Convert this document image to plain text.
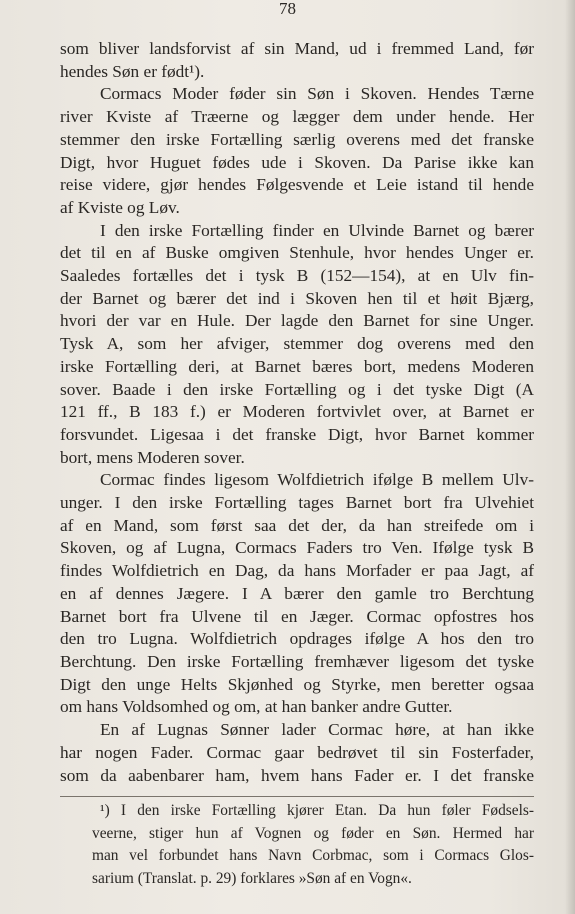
78
som bliver landsforvist af sin Mand, ud i fremmed Land, før
hendes Søn er født¹).
Cormacs Moder føder sin Søn i Skoven. Hendes Tærne
river Kviste af Træerne og lægger dem under hende. Her
stemmer den irske Fortælling særlig overens med det franske
Digt, hvor Huguet fødes ude i Skoven. Da Parise ikke kan
reise videre, gjør hendes Følgesvende et Leie istand til hende
af Kviste og Løv.
I den irske Fortælling finder en Ulvinde Barnet og bærer
det til en af Buske omgiven Stenhule, hvor hendes Unger er.
Saaledes fortælles det i tysk B (152—154), at en Ulv fin-
der Barnet og bærer det ind i Skoven hen til et høit Bjærg,
hvori der var en Hule. Der lagde den Barnet for sine Unger.
Tysk A, som her afviger, stemmer dog overens med den
irske Fortælling deri, at Barnet bæres bort, medens Moderen
sover. Baade i den irske Fortælling og i det tyske Digt (A
121 ff., B 183 f.) er Moderen fortvivlet over, at Barnet er
forsvundet. Ligesaa i det franske Digt, hvor Barnet kommer
bort, mens Moderen sover.
Cormac findes ligesom Wolfdietrich ifølge B mellem Ulv-
unger. I den irske Fortælling tages Barnet bort fra Ulvehiet
af en Mand, som først saa det der, da han streifede om i
Skoven, og af Lugna, Cormacs Faders tro Ven. Ifølge tysk B
findes Wolfdietrich en Dag, da hans Morfader er paa Jagt, af
en af dennes Jægere. I A bærer den gamle tro Berchtung
Barnet bort fra Ulvene til en Jæger. Cormac opfostres hos
den tro Lugna. Wolfdietrich opdrages ifølge A hos den tro
Berchtung. Den irske Fortælling fremhæver ligesom det tyske
Digt den unge Helts Skjønhed og Styrke, men beretter ogsaa
om hans Voldsomhed og om, at han banker andre Gutter.
En af Lugnas Sønner lader Cormac høre, at han ikke
har nogen Fader. Cormac gaar bedrøvet til sin Fosterfader,
som da aabenbarer ham, hvem hans Fader er. I det franske
¹) I den irske Fortælling kjører Etan. Da hun føler Fødsels-
veerne, stiger hun af Vognen og føder en Søn. Hermed har
man vel forbundet hans Navn Corbmac, som i Cormacs Glos-
sarium (Translat. p. 29) forklares »Søn af en Vogn«.
